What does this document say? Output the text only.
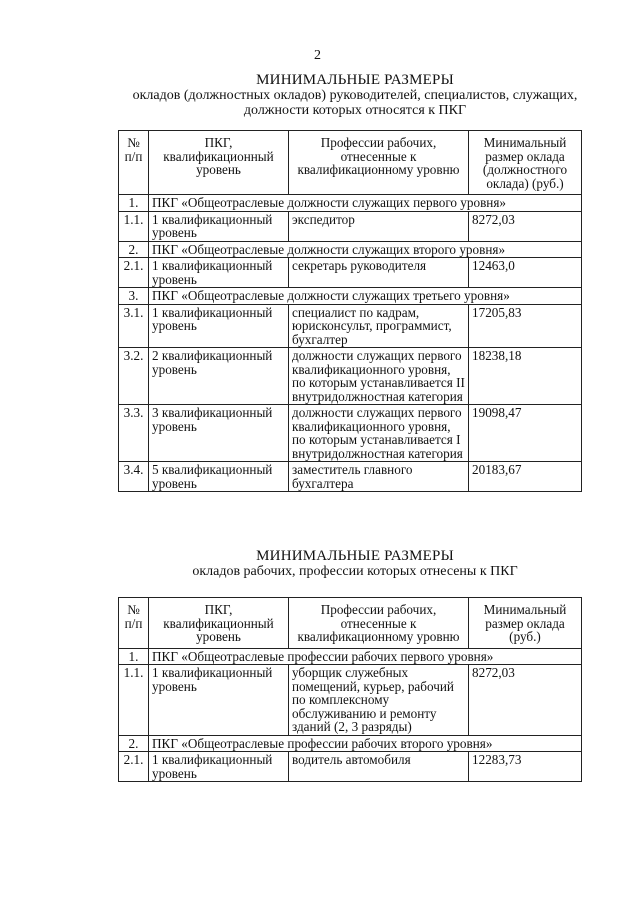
2
МИНИМАЛЬНЫЕ РАЗМЕРЫ
окладов (должностных окладов) руководителей, специалистов, служащих,
должности которых относятся к ПКГ
№ п/п	ПКГ, квалификационный уровень	Профессии рабочих, отнесенные к квалификационному уровню	Минимальный размер оклада (должностного оклада) (руб.)
1.	ПКГ «Общеотраслевые должности служащих первого уровня»		
1.1.	1 квалификационный уровень	экспедитор	8272,03
2.	ПКГ «Общеотраслевые должности служащих второго уровня»		
2.1.	1 квалификационный уровень	секретарь руководителя	12463,0
3.	ПКГ «Общеотраслевые должности служащих третьего уровня»		
3.1.	1 квалификационный уровень	специалист по кадрам, юрисконсульт, программист, бухгалтер	17205,83
3.2.	2 квалификационный уровень	должности служащих первого квалификационного уровня, по которым устанавливается II внутридолжностная категория	18238,18
3.3.	3 квалификационный уровень	должности служащих первого квалификационного уровня, по которым устанавливается I внутридолжностная категория	19098,47
3.4.	5 квалификационный уровень	заместитель главного бухгалтера	20183,67
МИНИМАЛЬНЫЕ РАЗМЕРЫ
окладов рабочих, профессии которых отнесены к ПКГ
№ п/п	ПКГ, квалификационный уровень	Профессии рабочих, отнесенные к квалификационному уровню	Минимальный размер оклада (руб.)
1.	ПКГ «Общеотраслевые профессии рабочих первого уровня»		
1.1.	1 квалификационный уровень	уборщик служебных помещений, курьер, рабочий по комплексному обслуживанию и ремонту зданий (2, 3 разряды)	8272,03
2.	ПКГ «Общеотраслевые профессии рабочих второго уровня»		
2.1.	1 квалификационный уровень	водитель автомобиля	12283,73
